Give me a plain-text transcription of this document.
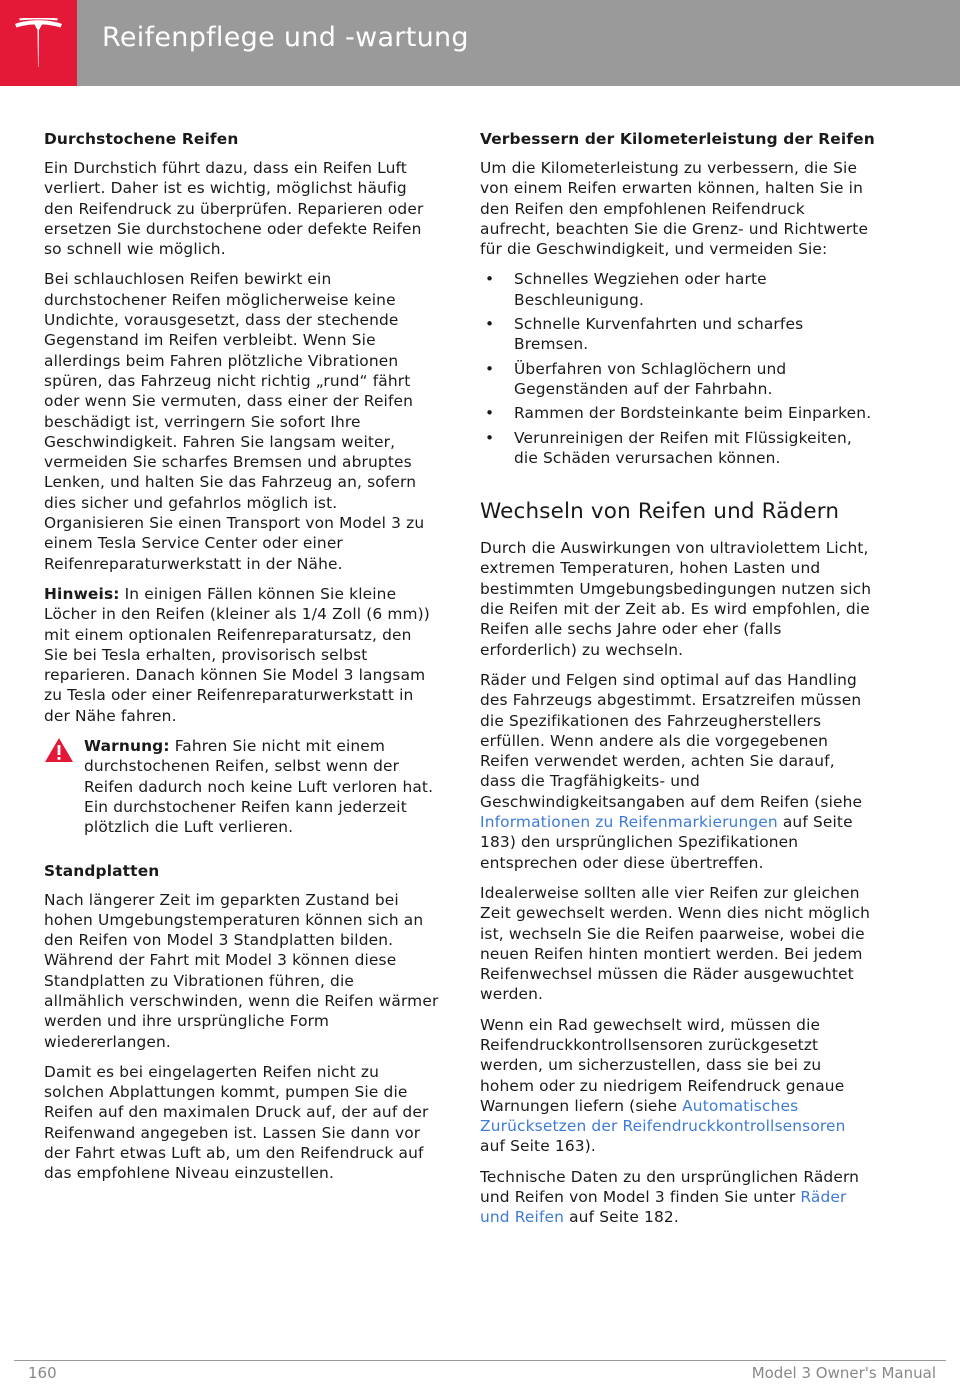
Reifenpflege und -wartung
Durchstochene Reifen

Ein Durchstich führt dazu, dass ein Reifen Luft verliert. Daher ist es wichtig, möglichst häufig den Reifendruck zu überprüfen. Reparieren oder ersetzen Sie durchstochene oder defekte Reifen so schnell wie möglich.

Bei schlauchlosen Reifen bewirkt ein durchstochener Reifen möglicherweise keine Undichte, vorausgesetzt, dass der stechende Gegenstand im Reifen verbleibt. Wenn Sie allerdings beim Fahren plötzliche Vibrationen spüren, das Fahrzeug nicht richtig „rund“ fährt oder wenn Sie vermuten, dass einer der Reifen beschädigt ist, verringern Sie sofort Ihre Geschwindigkeit. Fahren Sie langsam weiter, vermeiden Sie scharfes Bremsen und abruptes Lenken, und halten Sie das Fahrzeug an, sofern dies sicher und gefahrlos möglich ist. Organisieren Sie einen Transport von Model 3 zu einem Tesla Service Center oder einer Reifenreparaturwerkstatt in der Nähe.

Hinweis: In einigen Fällen können Sie kleine Löcher in den Reifen (kleiner als 1/4 Zoll (6 mm)) mit einem optionalen Reifenreparatursatz, den Sie bei Tesla erhalten, provisorisch selbst reparieren. Danach können Sie Model 3 langsam zu Tesla oder einer Reifenreparaturwerkstatt in der Nähe fahren.

Warnung: Fahren Sie nicht mit einem durchstochenen Reifen, selbst wenn der Reifen dadurch noch keine Luft verloren hat. Ein durchstochener Reifen kann jederzeit plötzlich die Luft verlieren.
Standplatten

Nach längerer Zeit im geparkten Zustand bei hohen Umgebungstemperaturen können sich an den Reifen von Model 3 Standplatten bilden. Während der Fahrt mit Model 3 können diese Standplatten zu Vibrationen führen, die allmählich verschwinden, wenn die Reifen wärmer werden und ihre ursprüngliche Form wiedererlangen.

Damit es bei eingelagerten Reifen nicht zu solchen Abplattungen kommt, pumpen Sie die Reifen auf den maximalen Druck auf, der auf der Reifenwand angegeben ist. Lassen Sie dann vor der Fahrt etwas Luft ab, um den Reifendruck auf das empfohlene Niveau einzustellen.

Verbessern der Kilometerleistung der Reifen

Um die Kilometerleistung zu verbessern, die Sie von einem Reifen erwarten können, halten Sie in den Reifen den empfohlenen Reifendruck aufrecht, beachten Sie die Grenz- und Richtwerte für die Geschwindigkeit, und vermeiden Sie:

• Schnelles Wegziehen oder harte Beschleunigung.
• Schnelle Kurvenfahrten und scharfes Bremsen.
• Überfahren von Schlaglöchern und Gegenständen auf der Fahrbahn.
• Rammen der Bordsteinkante beim Einparken.
• Verunreinigen der Reifen mit Flüssigkeiten, die Schäden verursachen können.
Wechseln von Reifen und Rädern

Durch die Auswirkungen von ultraviolettem Licht, extremen Temperaturen, hohen Lasten und bestimmten Umgebungsbedingungen nutzen sich die Reifen mit der Zeit ab. Es wird empfohlen, die Reifen alle sechs Jahre oder eher (falls erforderlich) zu wechseln.

Räder und Felgen sind optimal auf das Handling des Fahrzeugs abgestimmt. Ersatzreifen müssen die Spezifikationen des Fahrzeugherstellers erfüllen. Wenn andere als die vorgegebenen Reifen verwendet werden, achten Sie darauf, dass die Tragfähigkeits- und Geschwindigkeitsangaben auf dem Reifen (siehe Informationen zu Reifenmarkierungen auf Seite 183) den ursprünglichen Spezifikationen entsprechen oder diese übertreffen.

Idealerweise sollten alle vier Reifen zur gleichen Zeit gewechselt werden. Wenn dies nicht möglich ist, wechseln Sie die Reifen paarweise, wobei die neuen Reifen hinten montiert werden. Bei jedem Reifenwechsel müssen die Räder ausgewuchtet werden.

Wenn ein Rad gewechselt wird, müssen die Reifendruckkontrollsensoren zurückgesetzt werden, um sicherzustellen, dass sie bei zu hohem oder zu niedrigem Reifendruck genaue Warnungen liefern (siehe Automatisches Zurücksetzen der Reifendruckkontrollsensoren auf Seite 163).

Technische Daten zu den ursprünglichen Rädern und Reifen von Model 3 finden Sie unter Räder und Reifen auf Seite 182.

160	Model 3 Owner's Manual
